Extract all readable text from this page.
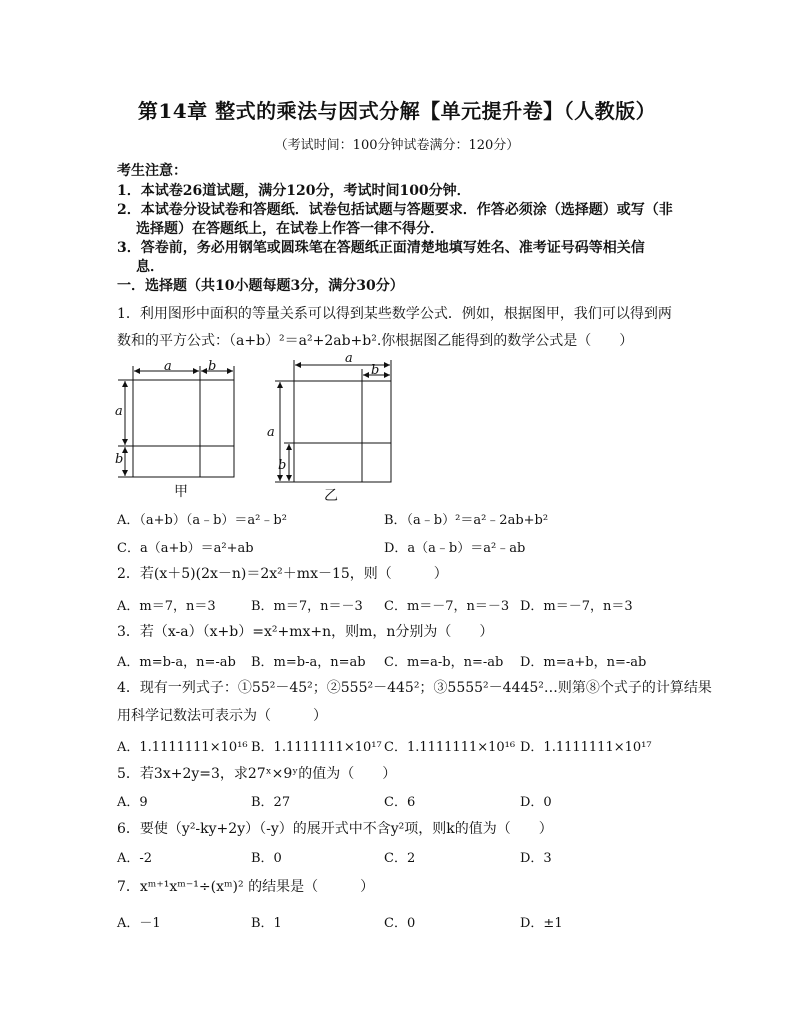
第14章 整式的乘法与因式分解【单元提升卷】（人教版）
（考试时间：100分钟试卷满分：120分）
考生注意：
1．本试卷26道试题，满分120分，考试时间100分钟．
2．本试卷分设试卷和答题纸．试卷包括试题与答题要求．作答必须涂（选择题）或写（非
选择题）在答题纸上，在试卷上作答一律不得分．
3．答卷前，务必用钢笔或圆珠笔在答题纸正面清楚地填写姓名、准考证号码等相关信
息．
一．选择题（共10小题每题3分，满分30分）
1．利用图形中面积的等量关系可以得到某些数学公式．例如，根据图甲，我们可以得到两
数和的平方公式：（a+b）²＝a²+2ab+b².你根据图乙能得到的数学公式是（　　）
a	b
a
b
甲
a
b
a
b
乙
A．（a+b）（a﹣b）＝a²﹣b²	B．（a﹣b）²＝a²﹣2ab+b²
C．a（a+b）＝a²+ab	D．a（a﹣b）＝a²﹣ab
2．若(x＋5)(2x－n)＝2x²＋mx－15，则（　　　）
A．m＝7，n＝3	B．m＝7，n＝－3 C．m＝－7，n＝－3 D．m＝－7，n＝3
3．若（x-a）（x+b）=x²+mx+n，则m，n分别为（　　）
A．m=b-a，n=-ab B．m=b-a，n=ab C．m=a-b，n=-ab D．m=a+b，n=-ab
4．现有一列式子：①55²－45²；②555²－445²；③5555²－4445²…则第⑧个式子的计算结果
用科学记数法可表示为（　　　）
A．1.1111111×10¹⁶ B．1.1111111×10¹⁷ C．1.1111111×10¹⁶ D．1.1111111×10¹⁷
5．若3x+2y=3，求27ˣ×9ʸ的值为（　　）
A．9	B．27	C．6	D．0
6．要使（y²-ky+2y）（-y）的展开式中不含y²项，则k的值为（　　）
A．-2	B．0	C．2	D．3
7．xᵐ⁺¹xᵐ⁻¹÷(xᵐ)² 的结果是（　　　）
A．－1	B．1	C．0	D．±1
